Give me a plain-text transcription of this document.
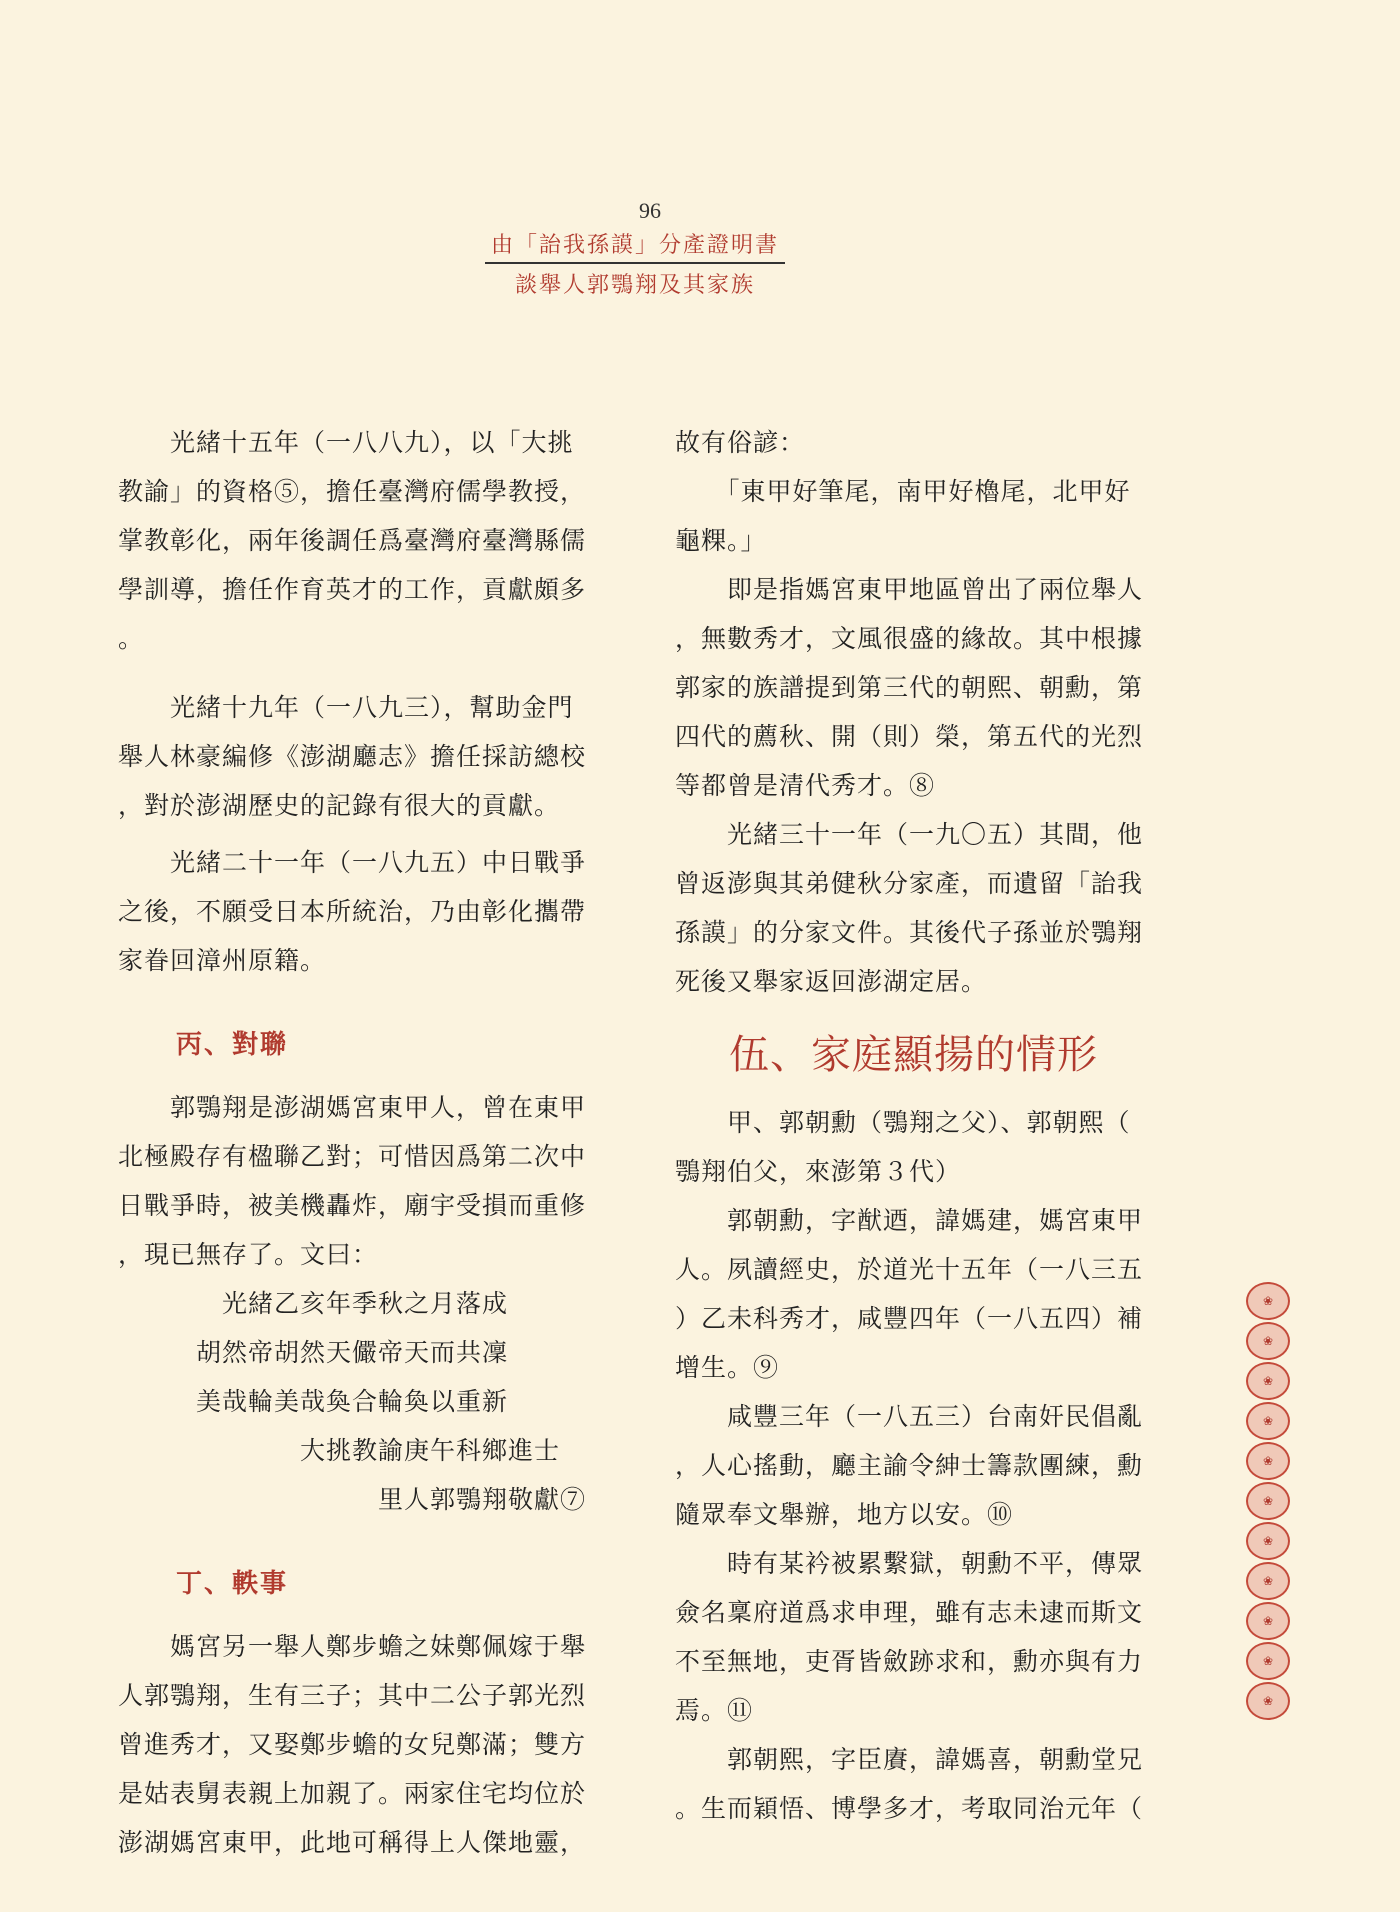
96
由「詒我孫謨」分產證明書
談舉人郭鶚翔及其家族
　　光緒十五年（一八八九），以「大挑
教諭」的資格⑤，擔任臺灣府儒學教授，
掌教彰化，兩年後調任爲臺灣府臺灣縣儒
學訓導，擔任作育英才的工作，貢獻頗多
。
　　光緒十九年（一八九三），幫助金門
舉人林豪編修《澎湖廳志》擔任採訪總校
，對於澎湖歷史的記錄有很大的貢獻。
　　光緒二十一年（一八九五）中日戰爭
之後，不願受日本所統治，乃由彰化攜帶
家眷回漳州原籍。
丙、對聯
　　郭鶚翔是澎湖媽宮東甲人，曾在東甲
北極殿存有楹聯乙對；可惜因爲第二次中
日戰爭時，被美機轟炸，廟宇受損而重修
，現已無存了。文曰：
　　　　光緒乙亥年季秋之月落成
　　　胡然帝胡然天儼帝天而共凜
　　　美哉輪美哉奐合輪奐以重新
　　　　　　　大挑教諭庚午科鄉進士
　　　　　　　　　　里人郭鶚翔敬獻⑦
丁、軼事
　　媽宮另一舉人鄭步蟾之妹鄭佩嫁于舉
人郭鶚翔，生有三子；其中二公子郭光烈
曾進秀才，又娶鄭步蟾的女兒鄭滿；雙方
是姑表舅表親上加親了。兩家住宅均位於
澎湖媽宮東甲，此地可稱得上人傑地靈，
故有俗諺：
　　「東甲好筆尾，南甲好櫓尾，北甲好
龜粿。」
　　即是指媽宮東甲地區曾出了兩位舉人
，無數秀才，文風很盛的緣故。其中根據
郭家的族譜提到第三代的朝熙、朝勳，第
四代的薦秋、開（則）榮，第五代的光烈
等都曾是清代秀才。⑧
　　光緒三十一年（一九〇五）其間，他
曾返澎與其弟健秋分家產，而遺留「詒我
孫謨」的分家文件。其後代子孫並於鶚翔
死後又舉家返回澎湖定居。
伍、家庭顯揚的情形
　　甲、郭朝勳（鶚翔之父）、郭朝熙（
鶚翔伯父，來澎第３代）
　　郭朝勳，字猷迺，諱媽建，媽宮東甲
人。夙讀經史，於道光十五年（一八三五
）乙未科秀才，咸豐四年（一八五四）補
增生。⑨
　　咸豐三年（一八五三）台南奸民倡亂
，人心搖動，廳主諭令紳士籌款團練，勳
隨眾奉文舉辦，地方以安。⑩
　　時有某衿被累繫獄，朝勳不平，傳眾
僉名稟府道爲求申理，雖有志未逮而斯文
不至無地，吏胥皆斂跡求和，勳亦與有力
焉。⑪
　　郭朝熙，字臣賡，諱媽喜，朝勳堂兄
。生而穎悟、博學多才，考取同治元年（
❀
❀
❀
❀
❀
❀
❀
❀
❀
❀
❀
